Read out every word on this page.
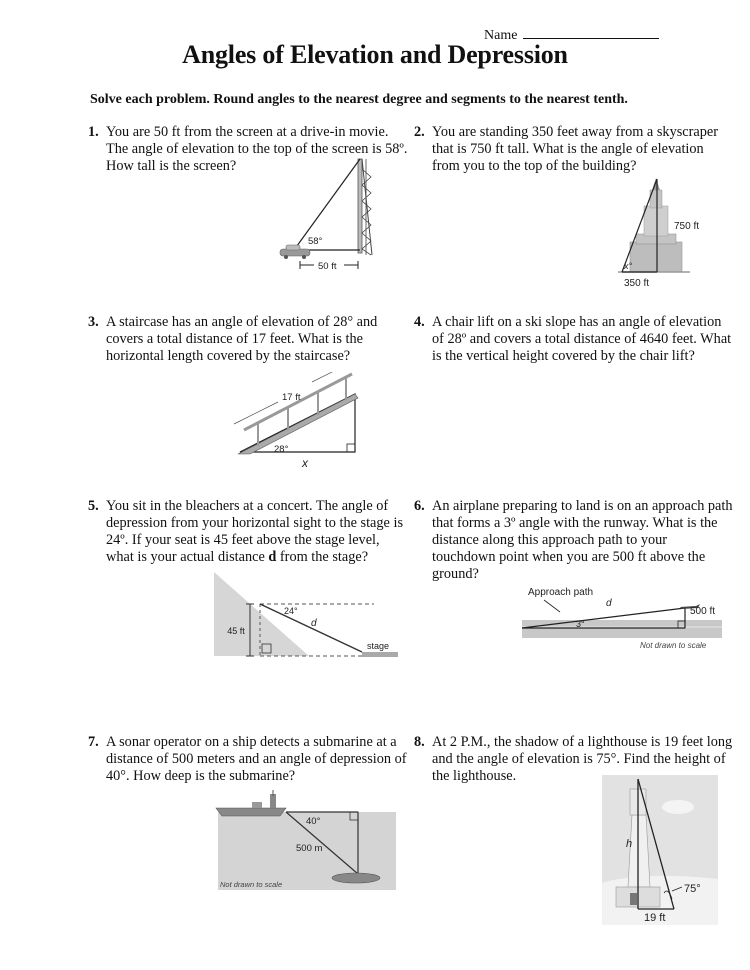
Name
Angles of Elevation and Depression
Solve each problem. Round angles to the nearest degree and segments to the nearest tenth.
1. You are 50 ft from the screen at a drive-in movie. The angle of elevation to the top of the screen is 58º. How tall is the screen?
58°
50 ft
2. You are standing 350 feet away from a skyscraper that is 750 ft tall. What is the angle of elevation from you to the top of the building?
x°
750 ft
350 ft
3. A staircase has an angle of elevation of 28° and covers a total distance of 17 feet. What is the horizontal length covered by the staircase?
17 ft
28°
x
4. A chair lift on a ski slope has an angle of elevation of 28º and covers a total distance of 4640 feet. What is the vertical height covered by the chair lift?
5. You sit in the bleachers at a concert. The angle of depression from your horizontal sight to the stage is 24º. If your seat is 45 feet above the stage level, what is your actual distance d from the stage?
24°
d
45 ft
stage
6. An airplane preparing to land is on an approach path that forms a 3º angle with the runway. What is the distance along this approach path to your touchdown point when you are 500 ft above the ground?
Approach path
d
3°
500 ft
Not drawn to scale
7. A sonar operator on a ship detects a submarine at a distance of 500 meters and an angle of depression of 40°. How deep is the submarine?
40°
500 m
Not drawn to scale
8. At 2 P.M., the shadow of a lighthouse is 19 feet long and the angle of elevation is 75°. Find the height of the lighthouse.
h
75°
19 ft
